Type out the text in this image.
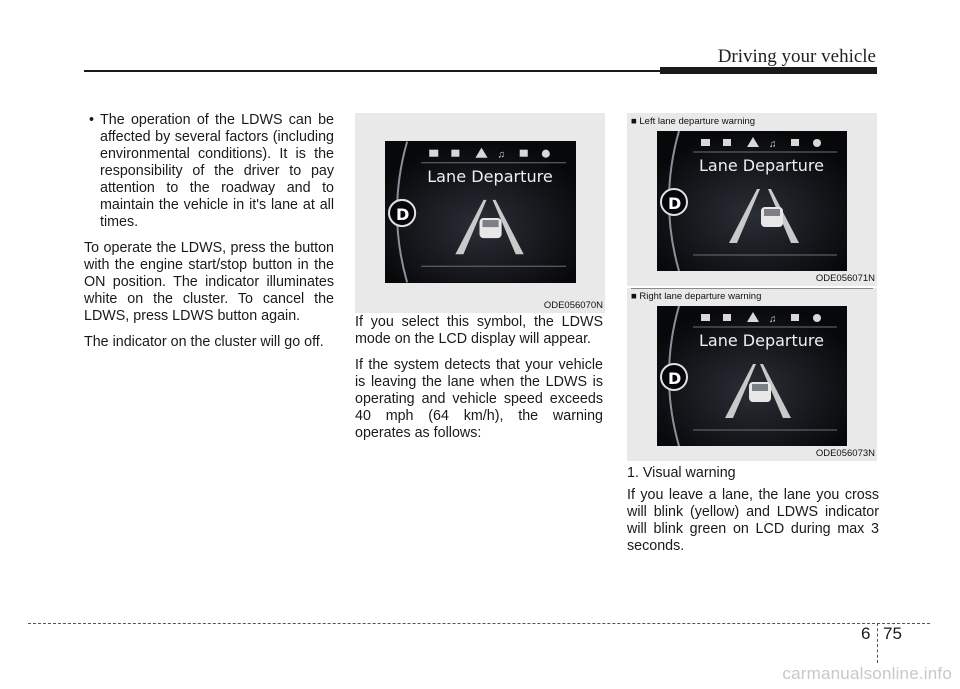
Driving your vehicle

• The operation of the LDWS can be affected by several factors (including environmental conditions). It is the responsibility of the driver to pay attention to the roadway and to maintain the vehicle in it's lane at all times.

To operate the LDWS, press the button with the engine start/stop button in the ON position. The indicator illuminates white on the cluster. To cancel the LDWS, press LDWS button again.

The indicator on the cluster will go off.

♫
Lane Departure
D
ODE056070N

If you select this symbol, the LDWS mode on the LCD display will appear.

If the system detects that your vehicle is leaving the lane when the LDWS is operating and vehicle speed exceeds 40 mph (64 km/h), the warning operates as follows:

■ Left lane departure warning
♫
Lane Departure
D
ODE056071N
■ Right lane departure warning
♫
Lane Departure
D
ODE056073N

1. Visual warning

If you leave a lane, the lane you cross will blink (yellow) and LDWS indicator will blink green on LCD during max 3 seconds.

6 75
carmanualsonline.info
